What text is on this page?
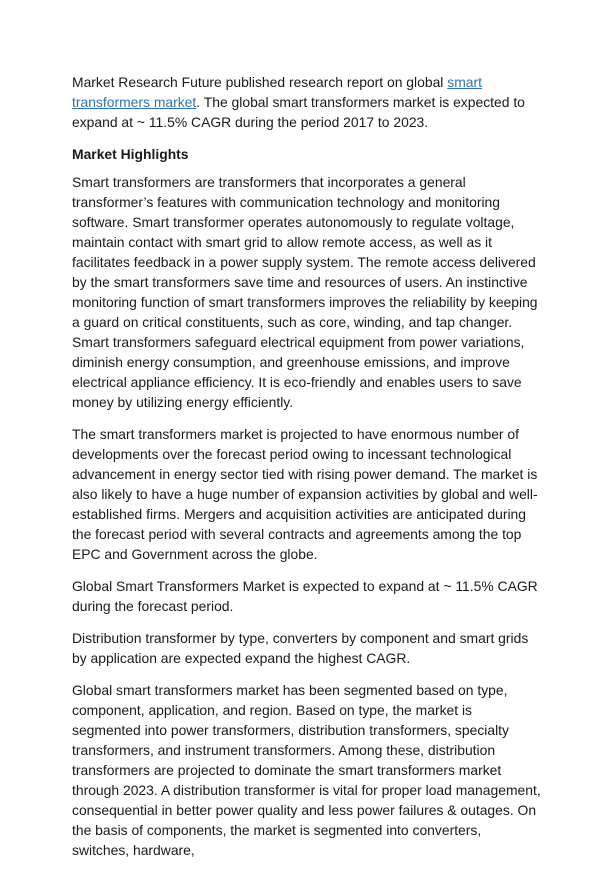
Market Research Future published research report on global smart transformers market. The global smart transformers market is expected to expand at ~ 11.5% CAGR during the period 2017 to 2023.

Market Highlights

Smart transformers are transformers that incorporates a general transformer’s features with communication technology and monitoring software. Smart transformer operates autonomously to regulate voltage, maintain contact with smart grid to allow remote access, as well as it facilitates feedback in a power supply system. The remote access delivered by the smart transformers save time and resources of users. An instinctive monitoring function of smart transformers improves the reliability by keeping a guard on critical constituents, such as core, winding, and tap changer. Smart transformers safeguard electrical equipment from power variations, diminish energy consumption, and greenhouse emissions, and improve electrical appliance efficiency. It is eco-friendly and enables users to save money by utilizing energy efficiently.

The smart transformers market is projected to have enormous number of developments over the forecast period owing to incessant technological advancement in energy sector tied with rising power demand. The market is also likely to have a huge number of expansion activities by global and well-established firms. Mergers and acquisition activities are anticipated during the forecast period with several contracts and agreements among the top EPC and Government across the globe.

Global Smart Transformers Market is expected to expand at ~ 11.5% CAGR during the forecast period.

Distribution transformer by type, converters by component and smart grids by application are expected expand the highest CAGR.

Global smart transformers market has been segmented based on type, component, application, and region. Based on type, the market is segmented into power transformers, distribution transformers, specialty transformers, and instrument transformers. Among these, distribution transformers are projected to dominate the smart transformers market through 2023. A distribution transformer is vital for proper load management, consequential in better power quality and less power failures & outages. On the basis of components, the market is segmented into converters, switches, hardware,
